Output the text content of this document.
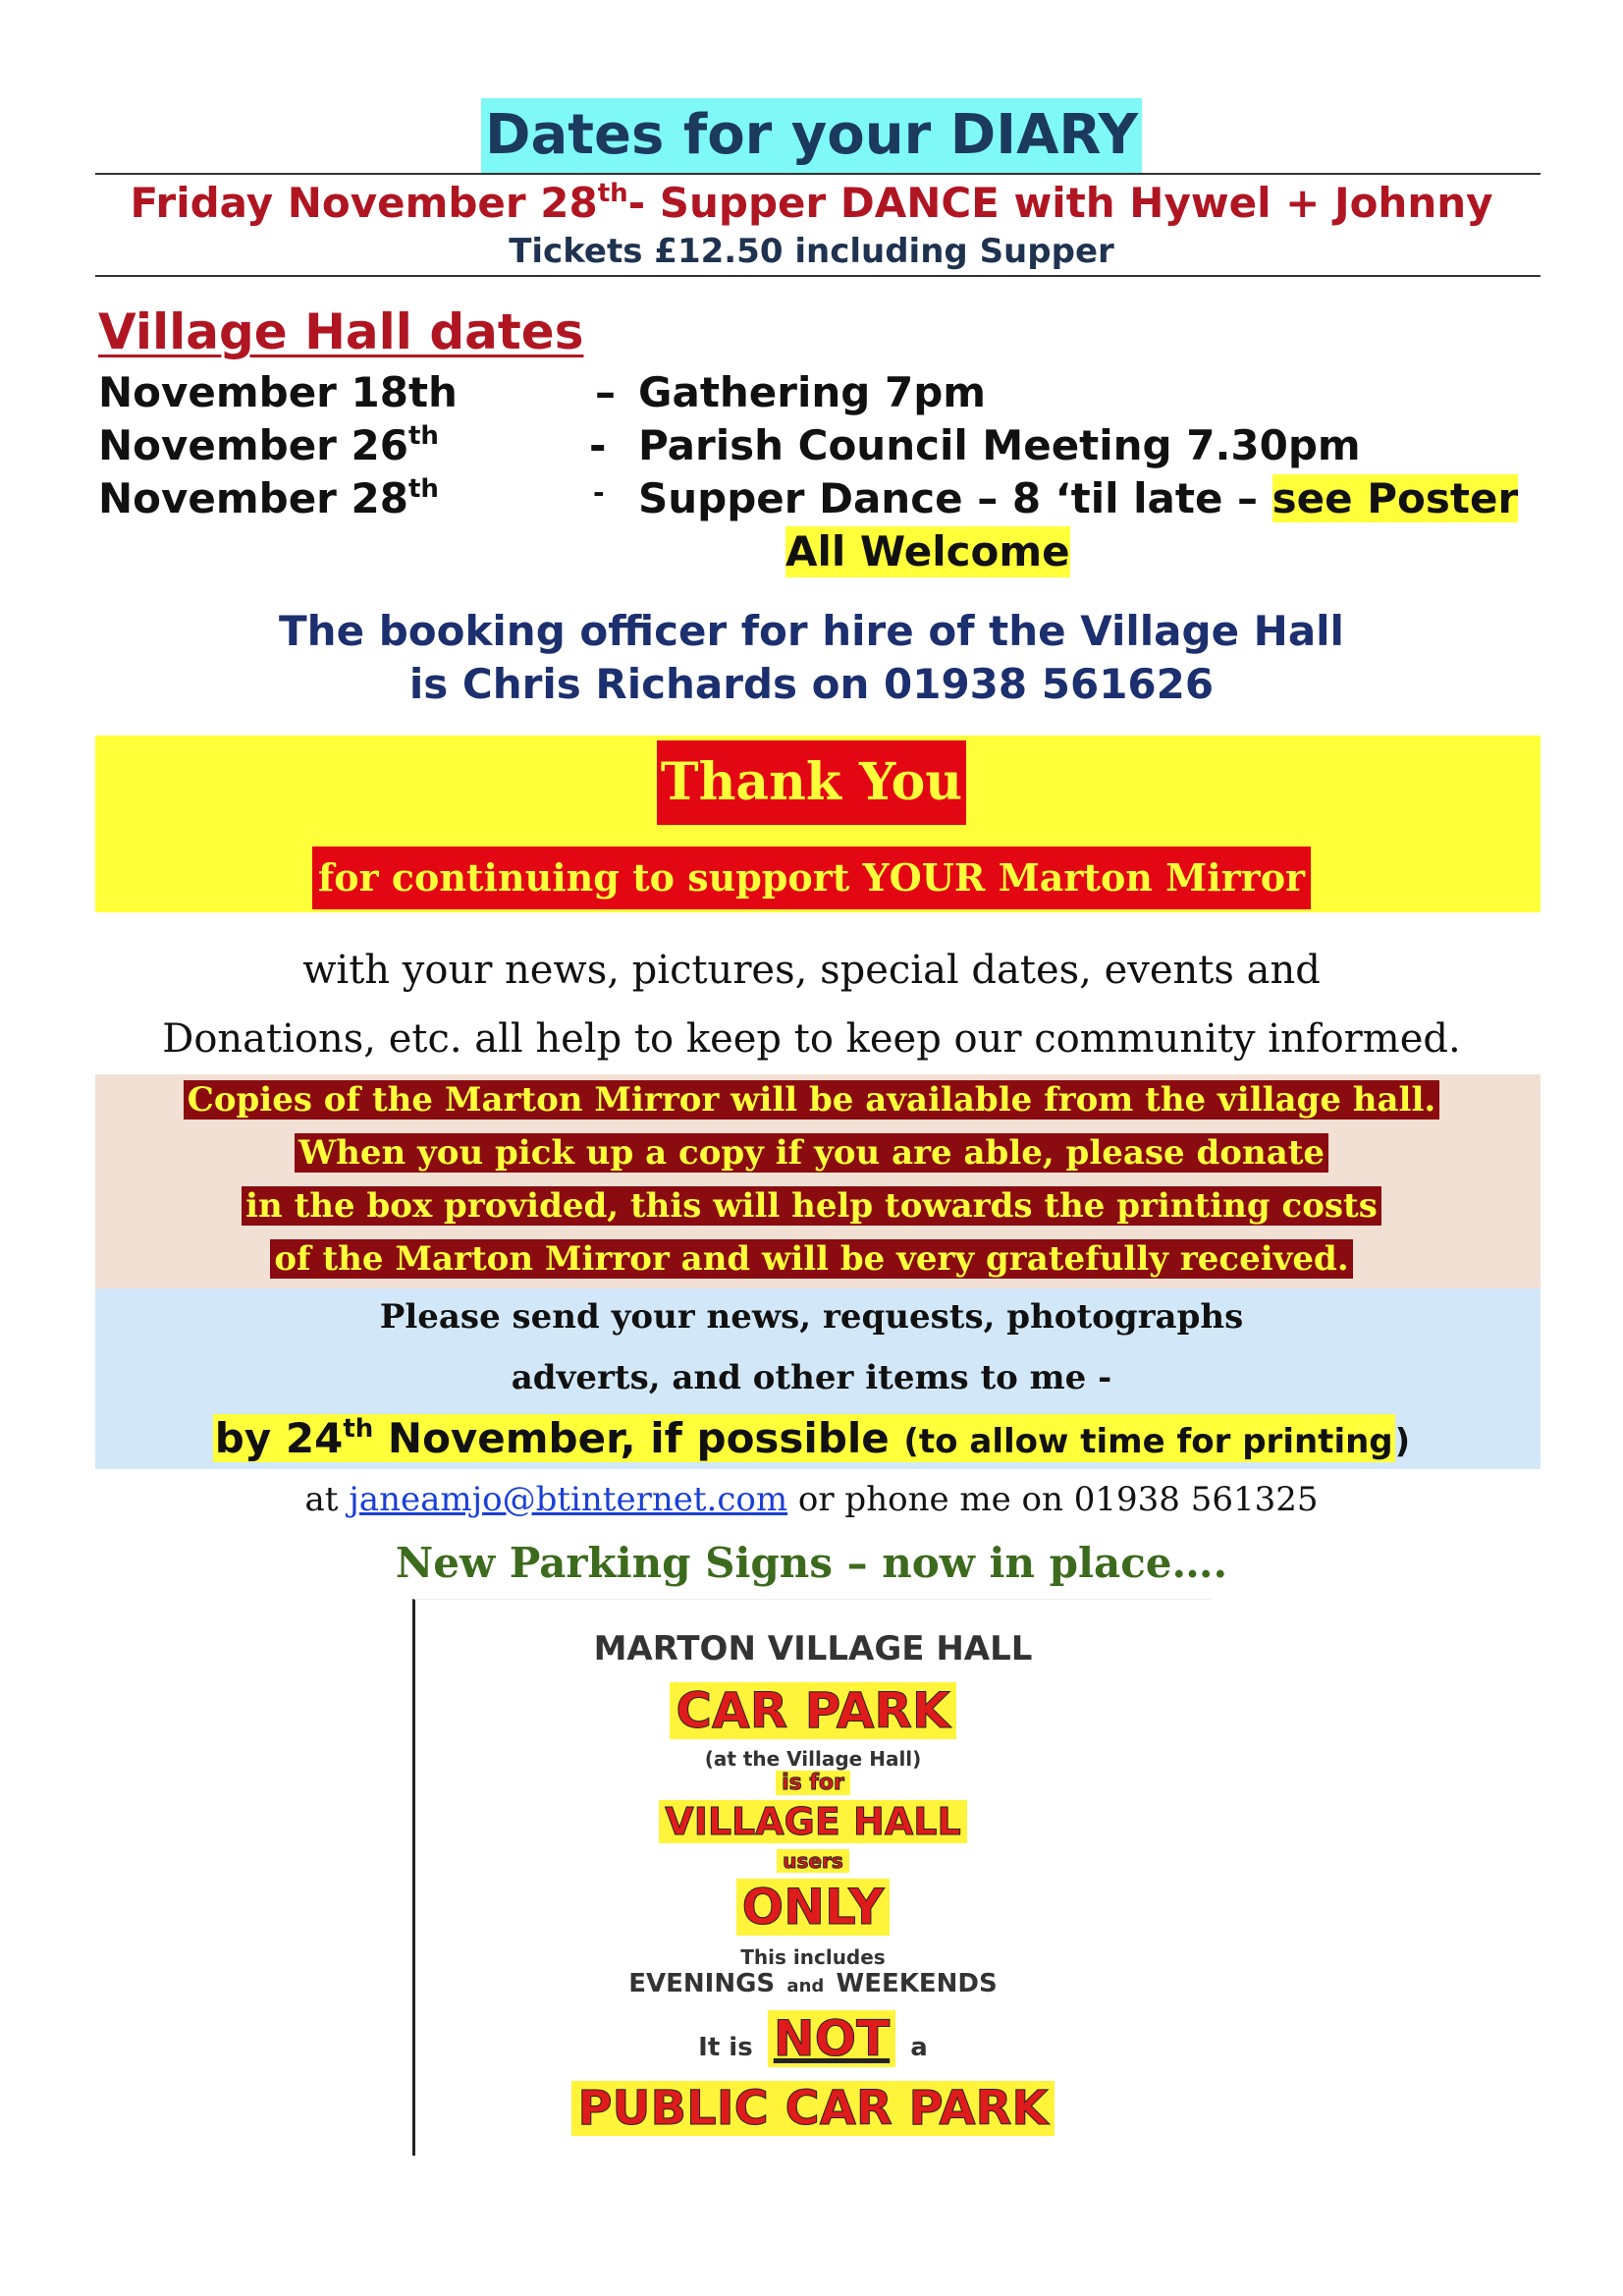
Dates for your DIARY
Friday November 28th- Supper DANCE with Hywel + Johnny
Tickets £12.50 including Supper
Village Hall dates
November 18th	– Gathering 7pm
November 26th	- Parish Council Meeting 7.30pm
November 28th	- Supper Dance – 8 ‘til late – see Poster
All Welcome
The booking officer for hire of the Village Hall
is Chris Richards on 01938 561626
Thank You
for continuing to support YOUR Marton Mirror
with your news, pictures, special dates, events and
Donations, etc. all help to keep to keep our community informed.
Copies of the Marton Mirror will be available from the village hall.
When you pick up a copy if you are able, please donate
in the box provided, this will help towards the printing costs
of the Marton Mirror and will be very gratefully received.
Please send your news, requests, photographs
adverts, and other items to me -
by 24th November, if possible (to allow time for printing)
at janeamjo@btinternet.com or phone me on 01938 561325
New Parking Signs – now in place….
MARTON VILLAGE HALL
CAR PARK
(at the Village Hall)
is for
VILLAGE HALL
users
ONLY
This includes
EVENINGS and WEEKENDS
It is NOT a
PUBLIC CAR PARK
